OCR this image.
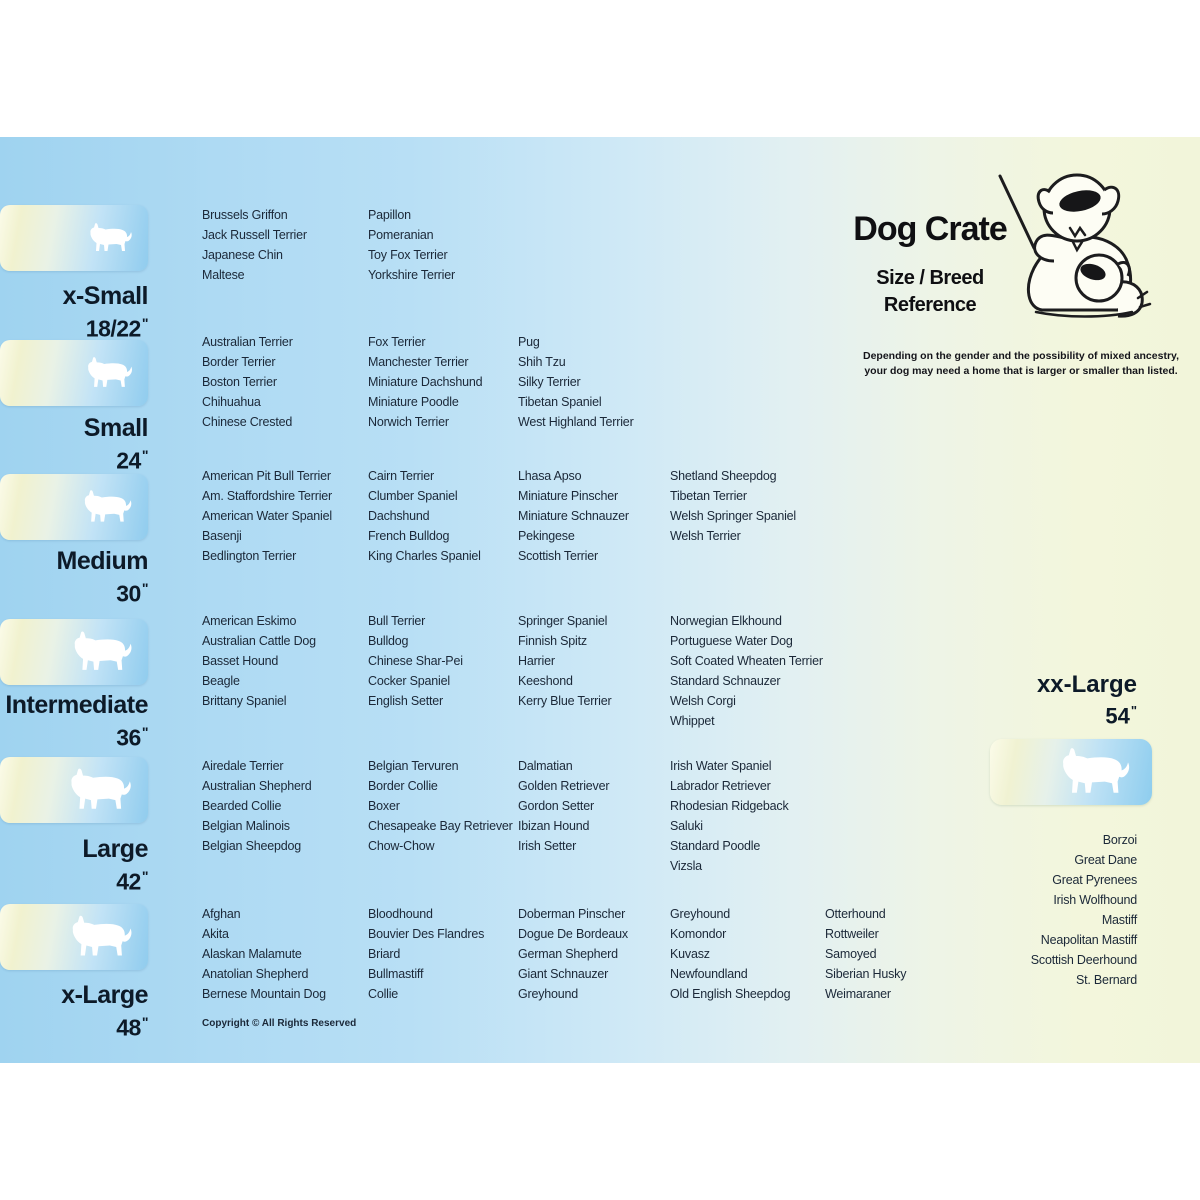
x-Small
18/22"
Small
24"
Medium
30"
Intermediate
36"
Large
42"
x-Large
48"
Brussels Griffon
Jack Russell Terrier
Japanese Chin
Maltese
Papillon
Pomeranian
Toy Fox Terrier
Yorkshire Terrier
Australian Terrier
Border Terrier
Boston Terrier
Chihuahua
Chinese Crested
Fox Terrier
Manchester Terrier
Miniature Dachshund
Miniature Poodle
Norwich Terrier
Pug
Shih Tzu
Silky Terrier
Tibetan Spaniel
West Highland Terrier
American Pit Bull Terrier
Am. Staffordshire Terrier
American Water Spaniel
Basenji
Bedlington Terrier
Cairn Terrier
Clumber Spaniel
Dachshund
French Bulldog
King Charles Spaniel
Lhasa Apso
Miniature Pinscher
Miniature Schnauzer
Pekingese
Scottish Terrier
Shetland Sheepdog
Tibetan Terrier
Welsh Springer Spaniel
Welsh Terrier
American Eskimo
Australian Cattle Dog
Basset Hound
Beagle
Brittany Spaniel
Bull Terrier
Bulldog
Chinese Shar-Pei
Cocker Spaniel
English Setter
Springer Spaniel
Finnish Spitz
Harrier
Keeshond
Kerry Blue Terrier
Norwegian Elkhound
Portuguese Water Dog
Soft Coated Wheaten Terrier
Standard Schnauzer
Welsh Corgi
Whippet
Airedale Terrier
Australian Shepherd
Bearded Collie
Belgian Malinois
Belgian Sheepdog
Belgian Tervuren
Border Collie
Boxer
Chesapeake Bay Retriever
Chow-Chow
Dalmatian
Golden Retriever
Gordon Setter
Ibizan Hound
Irish Setter
Irish Water Spaniel
Labrador Retriever
Rhodesian Ridgeback
Saluki
Standard Poodle
Vizsla
Afghan
Akita
Alaskan Malamute
Anatolian Shepherd
Bernese Mountain Dog
Bloodhound
Bouvier Des Flandres
Briard
Bullmastiff
Collie
Doberman Pinscher
Dogue De Bordeaux
German Shepherd
Giant Schnauzer
Greyhound
Greyhound
Komondor
Kuvasz
Newfoundland
Old English Sheepdog
Otterhound
Rottweiler
Samoyed
Siberian Husky
Weimaraner
Dog Crate
Size / Breed
Reference
Depending on the gender and the possibility of mixed ancestry,
your dog may need a home that is larger or smaller than listed.
xx-Large
54"
Borzoi
Great Dane
Great Pyrenees
Irish Wolfhound
Mastiff
Neapolitan Mastiff
Scottish Deerhound
St. Bernard
Copyright © All Rights Reserved
